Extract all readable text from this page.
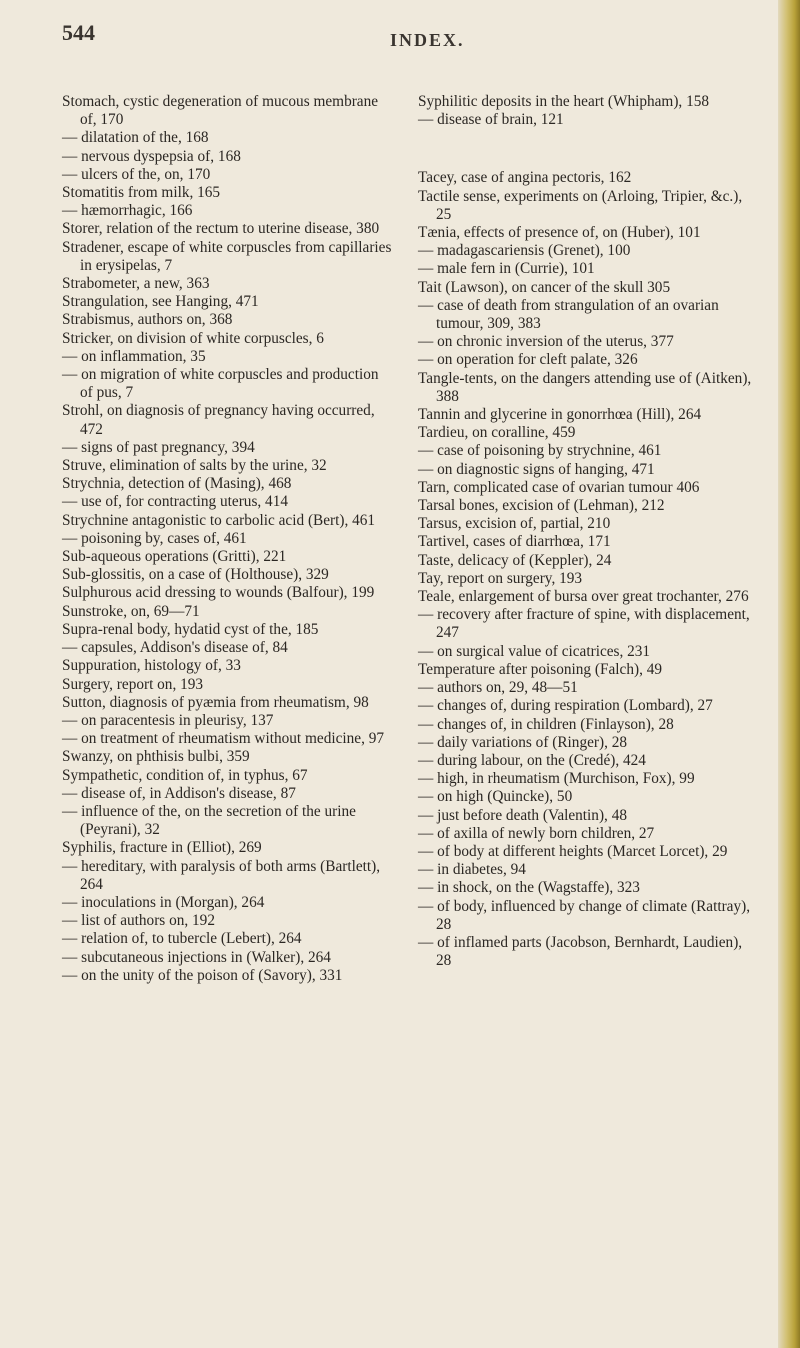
544	INDEX.
Stomach, cystic degeneration of mucous membrane of, 170
— dilatation of the, 168
— nervous dyspepsia of, 168
— ulcers of the, on, 170
Stomatitis from milk, 165
— hæmorrhagic, 166
Storer, relation of the rectum to uterine disease, 380
Stradener, escape of white corpuscles from capillaries in erysipelas, 7
Strabometer, a new, 363
Strangulation, see Hanging, 471
Strabismus, authors on, 368
Stricker, on division of white corpuscles, 6
— on inflammation, 35
— on migration of white corpuscles and production of pus, 7
Strohl, on diagnosis of pregnancy having occurred, 472
— signs of past pregnancy, 394
Struve, elimination of salts by the urine, 32
Strychnia, detection of (Masing), 468
— use of, for contracting uterus, 414
Strychnine antagonistic to carbolic acid (Bert), 461
— poisoning by, cases of, 461
Sub-aqueous operations (Gritti), 221
Sub-glossitis, on a case of (Holthouse), 329
Sulphurous acid dressing to wounds (Balfour), 199
Sunstroke, on, 69—71
Supra-renal body, hydatid cyst of the, 185
— capsules, Addison's disease of, 84
Suppuration, histology of, 33
Surgery, report on, 193
Sutton, diagnosis of pyæmia from rheumatism, 98
— on paracentesis in pleurisy, 137
— on treatment of rheumatism without medicine, 97
Swanzy, on phthisis bulbi, 359
Sympathetic, condition of, in typhus, 67
— disease of, in Addison's disease, 87
— influence of the, on the secretion of the urine (Peyrani), 32
Syphilis, fracture in (Elliot), 269
— hereditary, with paralysis of both arms (Bartlett), 264
— inoculations in (Morgan), 264
— list of authors on, 192
— relation of, to tubercle (Lebert), 264
— subcutaneous injections in (Walker), 264
— on the unity of the poison of (Savory), 331
Syphilitic deposits in the heart (Whipham), 158
— disease of brain, 121
Tacey, case of angina pectoris, 162
Tactile sense, experiments on (Arloing, Tripier, &c.), 25
Tænia, effects of presence of, on (Huber), 101
— madagascariensis (Grenet), 100
— male fern in (Currie), 101
Tait (Lawson), on cancer of the skull 305
— case of death from strangulation of an ovarian tumour, 309, 383
— on chronic inversion of the uterus, 377
— on operation for cleft palate, 326
Tangle-tents, on the dangers attending use of (Aitken), 388
Tannin and glycerine in gonorrhœa (Hill), 264
Tardieu, on coralline, 459
— case of poisoning by strychnine, 461
— on diagnostic signs of hanging, 471
Tarn, complicated case of ovarian tumour 406
Tarsal bones, excision of (Lehman), 212
Tarsus, excision of, partial, 210
Tartivel, cases of diarrhœa, 171
Taste, delicacy of (Keppler), 24
Tay, report on surgery, 193
Teale, enlargement of bursa over great trochanter, 276
— recovery after fracture of spine, with displacement, 247
— on surgical value of cicatrices, 231
Temperature after poisoning (Falch), 49
— authors on, 29, 48—51
— changes of, during respiration (Lombard), 27
— changes of, in children (Finlayson), 28
— daily variations of (Ringer), 28
— during labour, on the (Credé), 424
— high, in rheumatism (Murchison, Fox), 99
— on high (Quincke), 50
— just before death (Valentin), 48
— of axilla of newly born children, 27
— of body at different heights (Marcet Lorcet), 29
— in diabetes, 94
— in shock, on the (Wagstaffe), 323
— of body, influenced by change of climate (Rattray), 28
— of inflamed parts (Jacobson, Bernhardt, Laudien), 28
